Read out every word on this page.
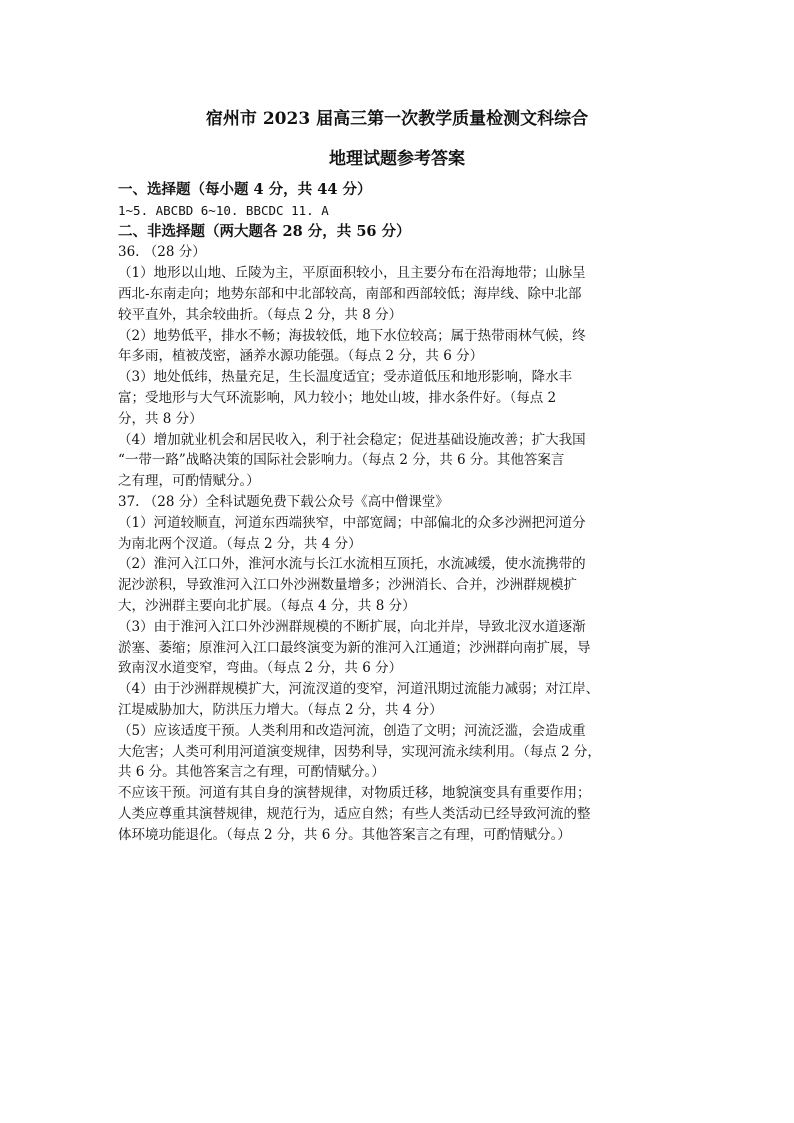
宿州市 2023 届高三第一次教学质量检测文科综合
地理试题参考答案
一、选择题（每小题 4 分，共 44 分）
1~5. ABCBD 6~10. BBCDC 11. A
二、非选择题（两大题各 28 分，共 56 分）
36. （28 分）
（1）地形以山地、丘陵为主，平原面积较小，且主要分布在沿海地带；山脉呈
西北-东南走向；地势东部和中北部较高，南部和西部较低；海岸线、除中北部
较平直外，其余较曲折。（每点 2 分，共 8 分）
（2）地势低平，排水不畅；海拔较低，地下水位较高；属于热带雨林气候，终
年多雨，植被茂密，涵养水源功能强。（每点 2 分，共 6 分）
（3）地处低纬，热量充足，生长温度适宜；受赤道低压和地形影响，降水丰
富；受地形与大气环流影响，风力较小；地处山坡，排水条件好。（每点 2
分，共 8 分）
（4）增加就业机会和居民收入，利于社会稳定；促进基础设施改善；扩大我国
“一带一路”战略决策的国际社会影响力。（每点 2 分，共 6 分。其他答案言
之有理，可酌情赋分。）
37. （28 分）全科试题免费下载公众号《高中僧课堂》
（1）河道较顺直，河道东西端狭窄，中部宽阔；中部偏北的众多沙洲把河道分
为南北两个汊道。（每点 2 分，共 4 分）
（2）淮河入江口外，淮河水流与长江水流相互顶托，水流减缓，使水流携带的
泥沙淤积，导致淮河入江口外沙洲数量增多；沙洲消长、合并，沙洲群规模扩
大，沙洲群主要向北扩展。（每点 4 分，共 8 分）
（3）由于淮河入江口外沙洲群规模的不断扩展，向北并岸，导致北汊水道逐渐
淤塞、萎缩；原淮河入江口最终演变为新的淮河入江通道；沙洲群向南扩展，导
致南汊水道变窄，弯曲。（每点 2 分，共 6 分）
（4）由于沙洲群规模扩大，河流汊道的变窄，河道汛期过流能力减弱；对江岸、
江堤威胁加大，防洪压力增大。（每点 2 分，共 4 分）
（5）应该适度干预。人类利用和改造河流，创造了文明；河流泛滥，会造成重
大危害；人类可利用河道演变规律，因势利导，实现河流永续利用。（每点 2 分，
共 6 分。其他答案言之有理，可酌情赋分。）
不应该干预。河道有其自身的演替规律，对物质迁移，地貌演变具有重要作用；
人类应尊重其演替规律，规范行为，适应自然；有些人类活动已经导致河流的整
体环境功能退化。（每点 2 分，共 6 分。其他答案言之有理，可酌情赋分。）
